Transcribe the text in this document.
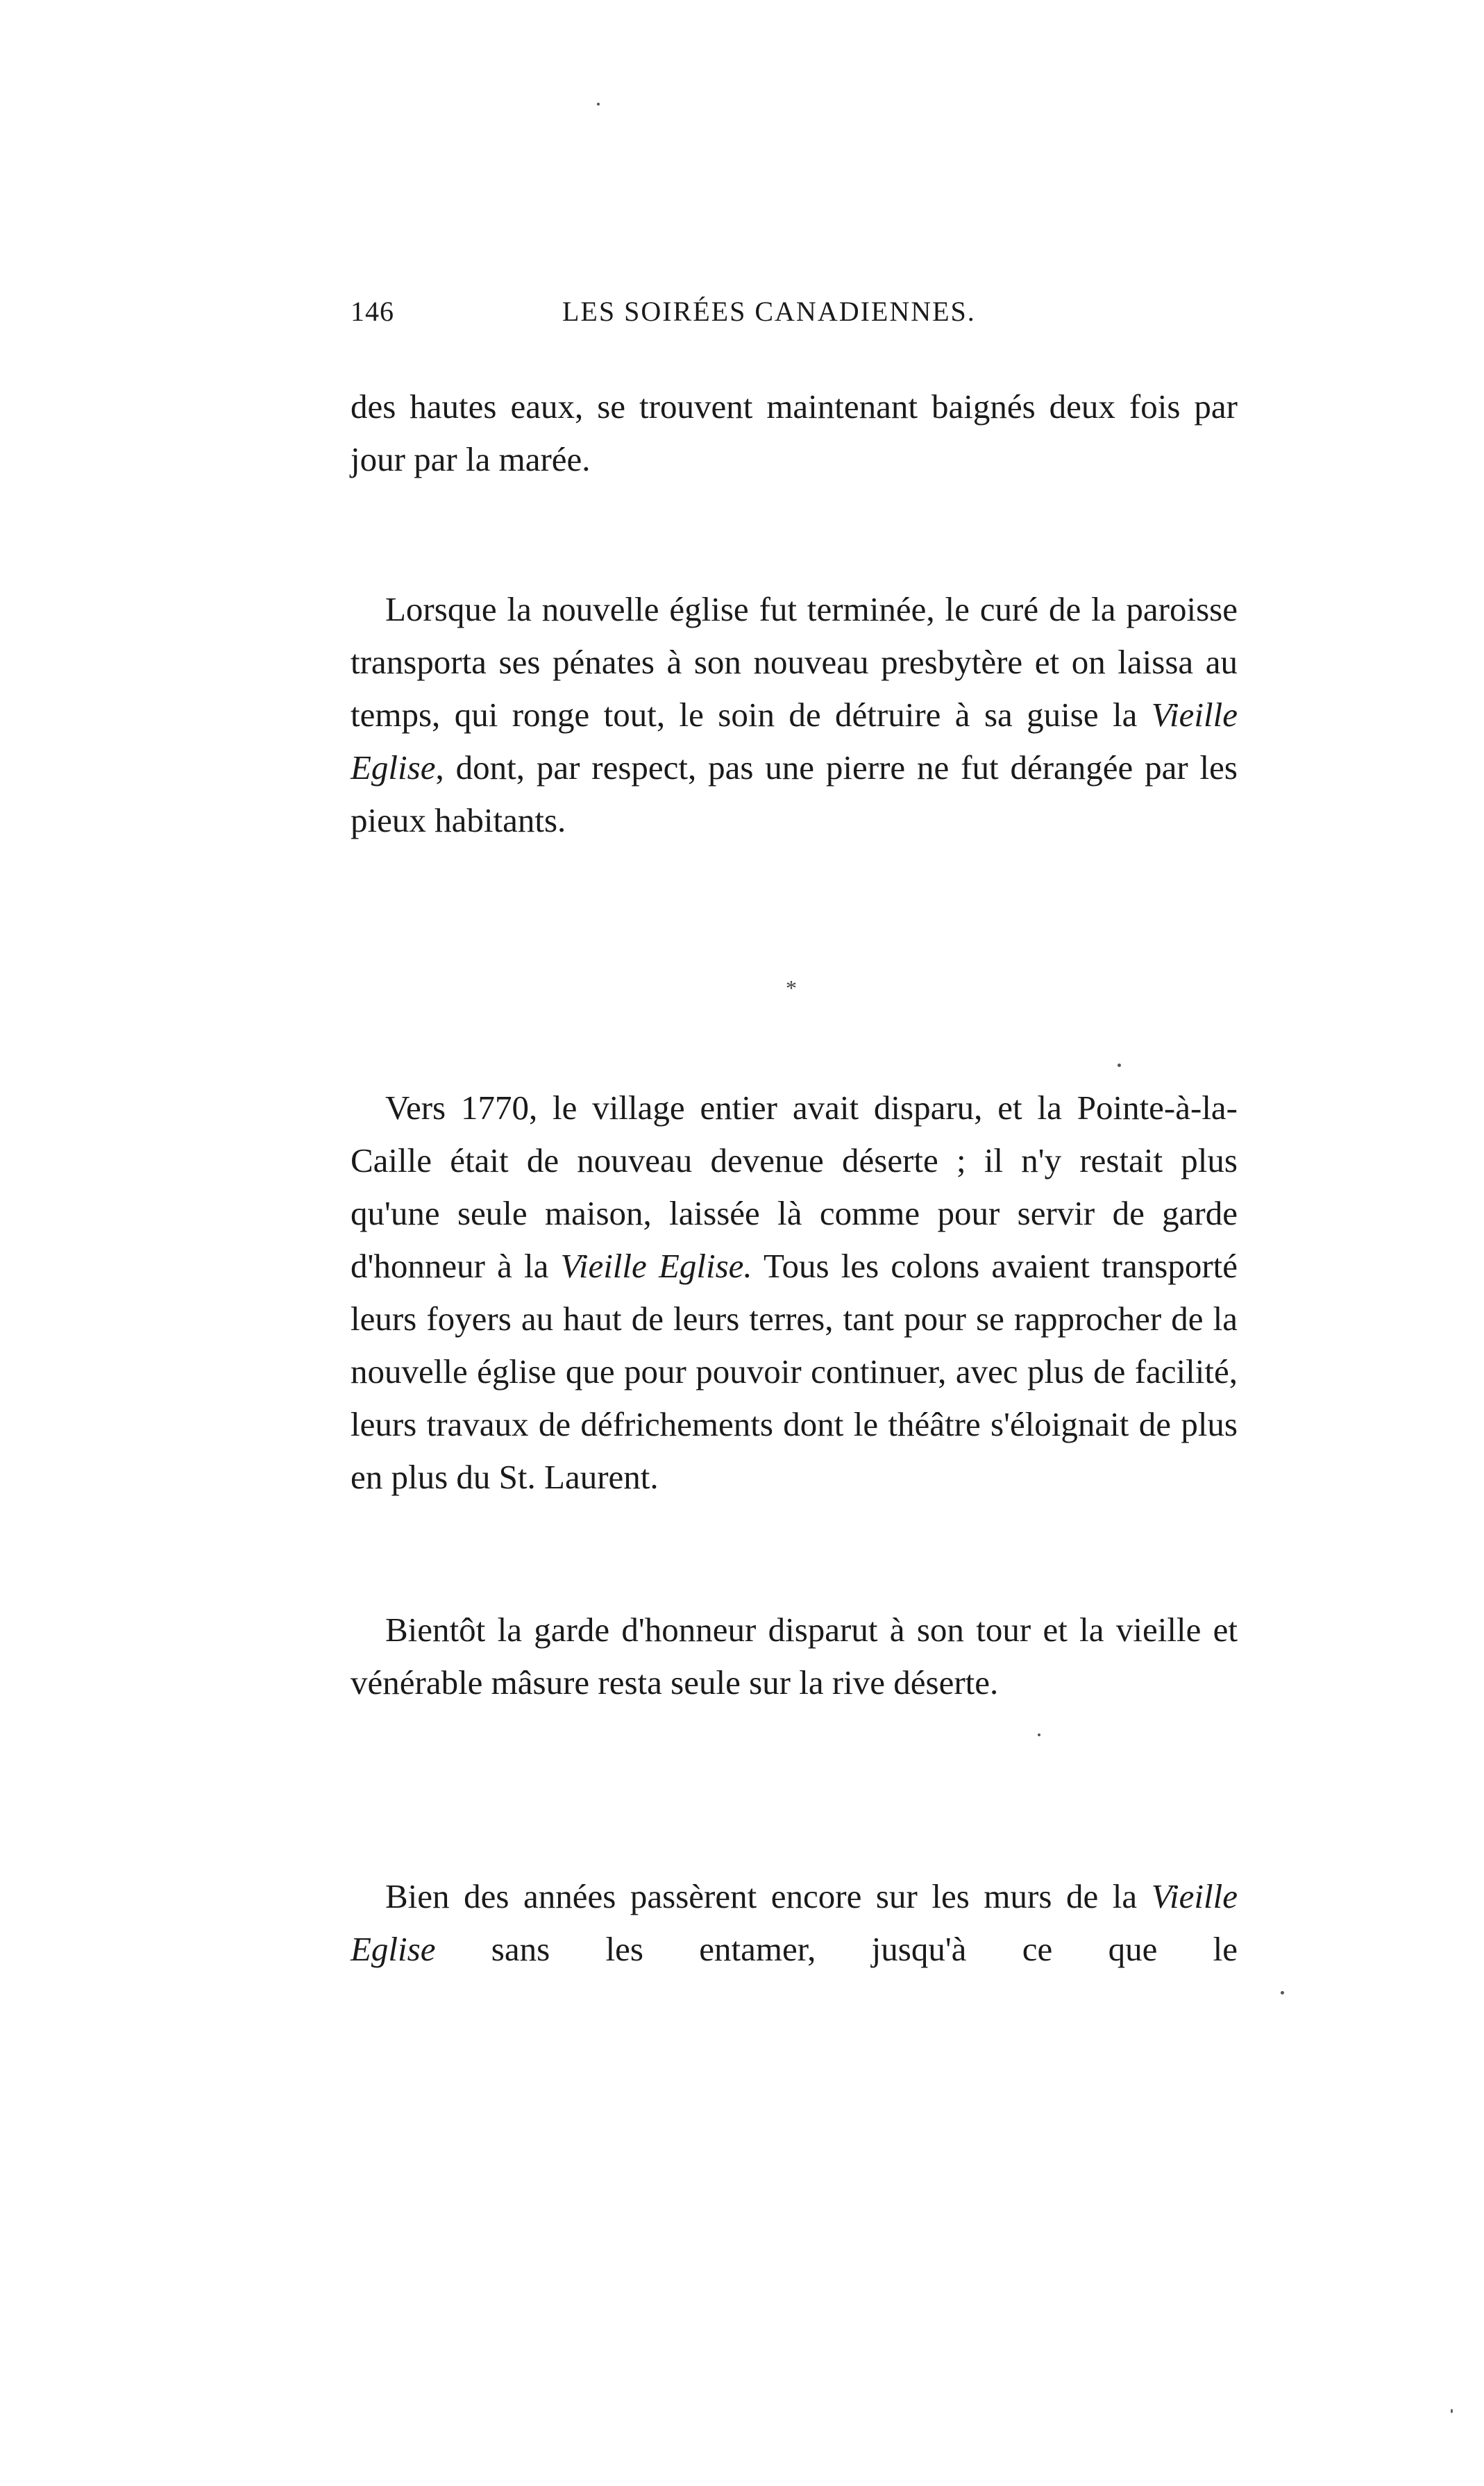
146	LES SOIRÉES CANADIENNES.

des hautes eaux, se trouvent maintenant baignés deux fois par jour par la marée.

Lorsque la nouvelle église fut terminée, le curé de la paroisse transporta ses pénates à son nouveau presbytère et on laissa au temps, qui ronge tout, le soin de détruire à sa guise la Vieille Eglise, dont, par respect, pas une pierre ne fut dérangée par les pieux habitants.

*

Vers 1770, le village entier avait disparu, et la Pointe-à-la-Caille était de nouveau devenue déserte ; il n'y restait plus qu'une seule maison, laissée là comme pour servir de garde d'honneur à la Vieille Eglise. Tous les colons avaient transporté leurs foyers au haut de leurs terres, tant pour se rapprocher de la nouvelle église que pour pouvoir continuer, avec plus de facilité, leurs travaux de défrichements dont le théâtre s'éloignait de plus en plus du St. Laurent.

Bientôt la garde d'honneur disparut à son tour et la vieille et vénérable mâsure resta seule sur la rive déserte.

Bien des années passèrent encore sur les murs de la Vieille Eglise sans les entamer, jusqu'à ce que le
